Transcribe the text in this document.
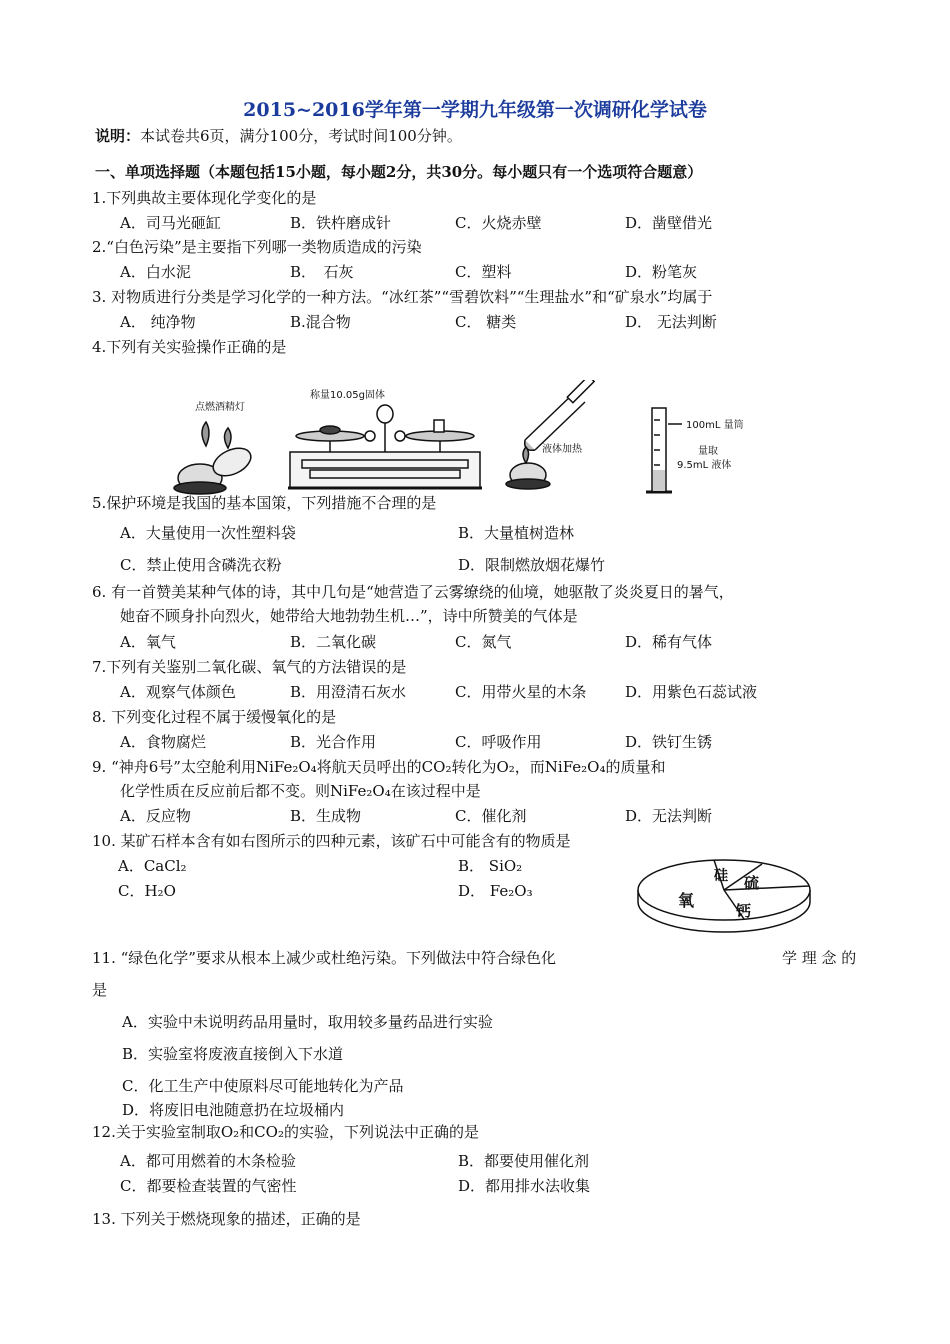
2015~2016学年第一学期九年级第一次调研化学试卷
说明：本试卷共6页，满分100分，考试时间100分钟。
一、单项选择题（本题包括15小题，每小题2分，共30分。每小题只有一个选项符合题意）
1.下列典故主要体现化学变化的是
A．司马光砸缸	B．铁杵磨成针	C．火烧赤壁	D．凿壁借光
2.“白色污染”是主要指下列哪一类物质造成的污染
A．白水泥	B．　石灰	C．塑料	D．粉笔灰
3. 对物质进行分类是学习化学的一种方法。“冰红茶”“雪碧饮料”“生理盐水”和“矿泉水”均属于
A． 纯净物	B.混合物	C． 糖类	D． 无法判断
4.下列有关实验操作正确的是
点燃酒精灯
称量10.05g固体
液体加热
100mL 量筒
量取
9.5mL 液体
5.保护环境是我国的基本国策，下列措施不合理的是
A．大量使用一次性塑料袋	B．大量植树造林
C．禁止使用含磷洗衣粉	D．限制燃放烟花爆竹
6. 有一首赞美某种气体的诗，其中几句是“她营造了云雾缭绕的仙境，她驱散了炎炎夏日的暑气，
她奋不顾身扑向烈火，她带给大地勃勃生机…”，诗中所赞美的气体是
A．氧气	B．二氧化碳	C．氮气	D．稀有气体
7.下列有关鉴别二氧化碳、氧气的方法错误的是
A．观察气体颜色	B．用澄清石灰水	C．用带火星的木条	D．用紫色石蕊试液
8. 下列变化过程不属于缓慢氧化的是
A．食物腐烂	B．光合作用	C．呼吸作用	D．铁钉生锈
9. “神舟6号”太空舱利用NiFe₂O₄将航天员呼出的CO₂转化为O₂，而NiFe₂O₄的质量和
化学性质在反应前后都不变。则NiFe₂O₄在该过程中是
A．反应物	B．生成物	C．催化剂	D．无法判断
10. 某矿石样本含有如右图所示的四种元素，该矿石中可能含有的物质是
A．CaCl₂	B． SiO₂
C．H₂O	D． Fe₂O₃	氧
硅 硫
钙
11. “绿色化学”要求从根本上减少或杜绝污染。下列做法中符合绿色化	学 理 念 的
是
A．实验中未说明药品用量时，取用较多量药品进行实验
B．实验室将废液直接倒入下水道
C．化工生产中使原料尽可能地转化为产品
D．将废旧电池随意扔在垃圾桶内
12.关于实验室制取O₂和CO₂的实验，下列说法中正确的是
A．都可用燃着的木条检验	B．都要使用催化剂
C．都要检查装置的气密性	D．都用排水法收集
13. 下列关于燃烧现象的描述，正确的是
